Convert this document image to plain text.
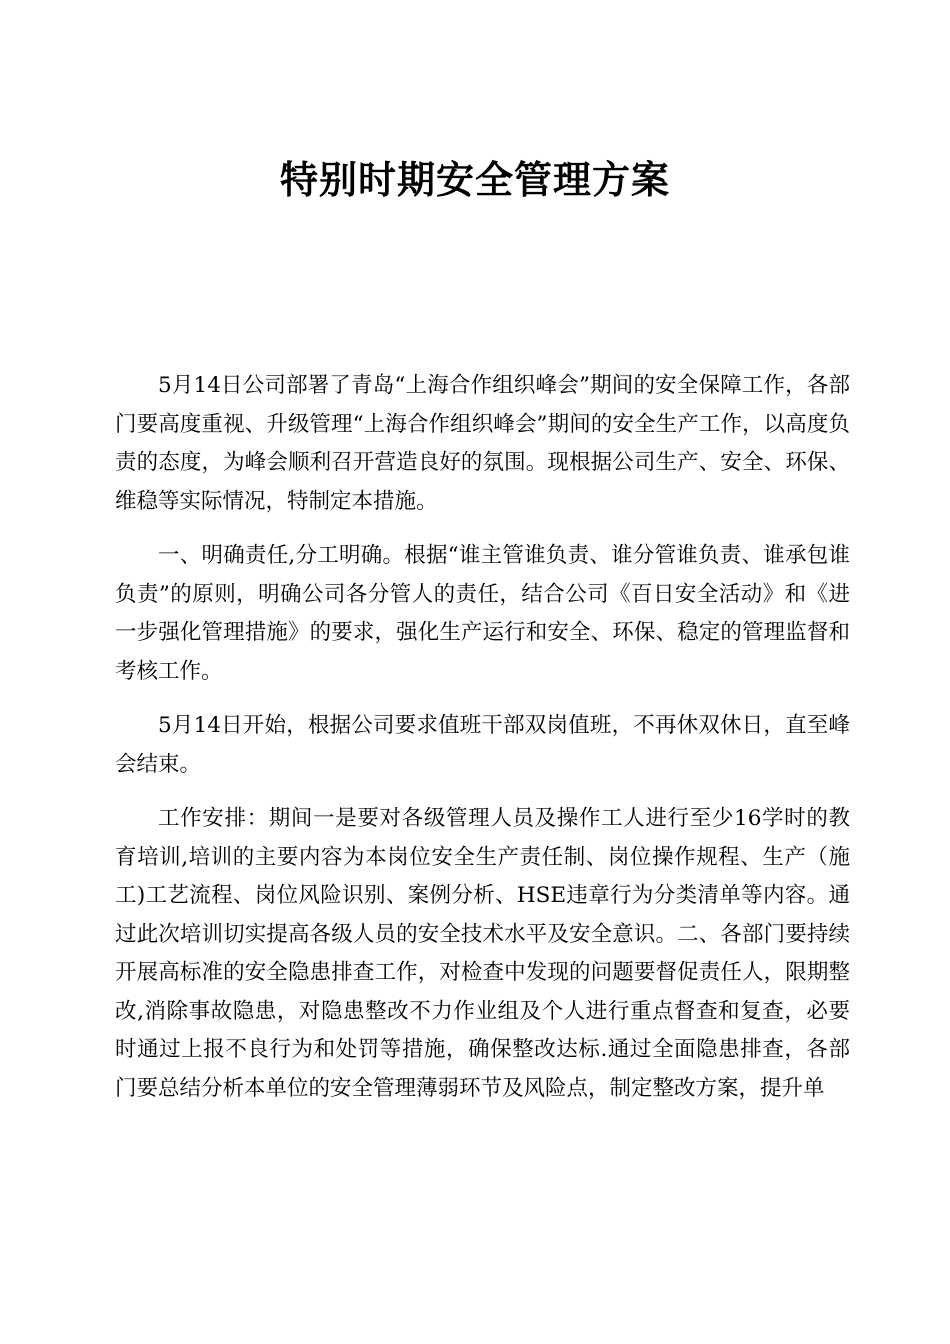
特别时期安全管理方案

5月14日公司部署了青岛“上海合作组织峰会”期间的安全保障工作，各部门要高度重视、升级管理“上海合作组织峰会”期间的安全生产工作，以高度负责的态度，为峰会顺利召开营造良好的氛围。现根据公司生产、安全、环保、维稳等实际情况，特制定本措施。

一、明确责任,分工明确。根据“谁主管谁负责、谁分管谁负责、谁承包谁负责”的原则，明确公司各分管人的责任，结合公司《百日安全活动》和《进一步强化管理措施》的要求，强化生产运行和安全、环保、稳定的管理监督和考核工作。

5月14日开始，根据公司要求值班干部双岗值班，不再休双休日，直至峰会结束。

工作安排：期间一是要对各级管理人员及操作工人进行至少16学时的教育培训,培训的主要内容为本岗位安全生产责任制、岗位操作规程、生产（施工)工艺流程、岗位风险识别、案例分析、HSE违章行为分类清单等内容。通过此次培训切实提高各级人员的安全技术水平及安全意识。二、各部门要持续开展高标准的安全隐患排查工作，对检查中发现的问题要督促责任人，限期整改,消除事故隐患，对隐患整改不力作业组及个人进行重点督查和复查，必要时通过上报不良行为和处罚等措施，确保整改达标.通过全面隐患排查，各部门要总结分析本单位的安全管理薄弱环节及风险点，制定整改方案，提升单
